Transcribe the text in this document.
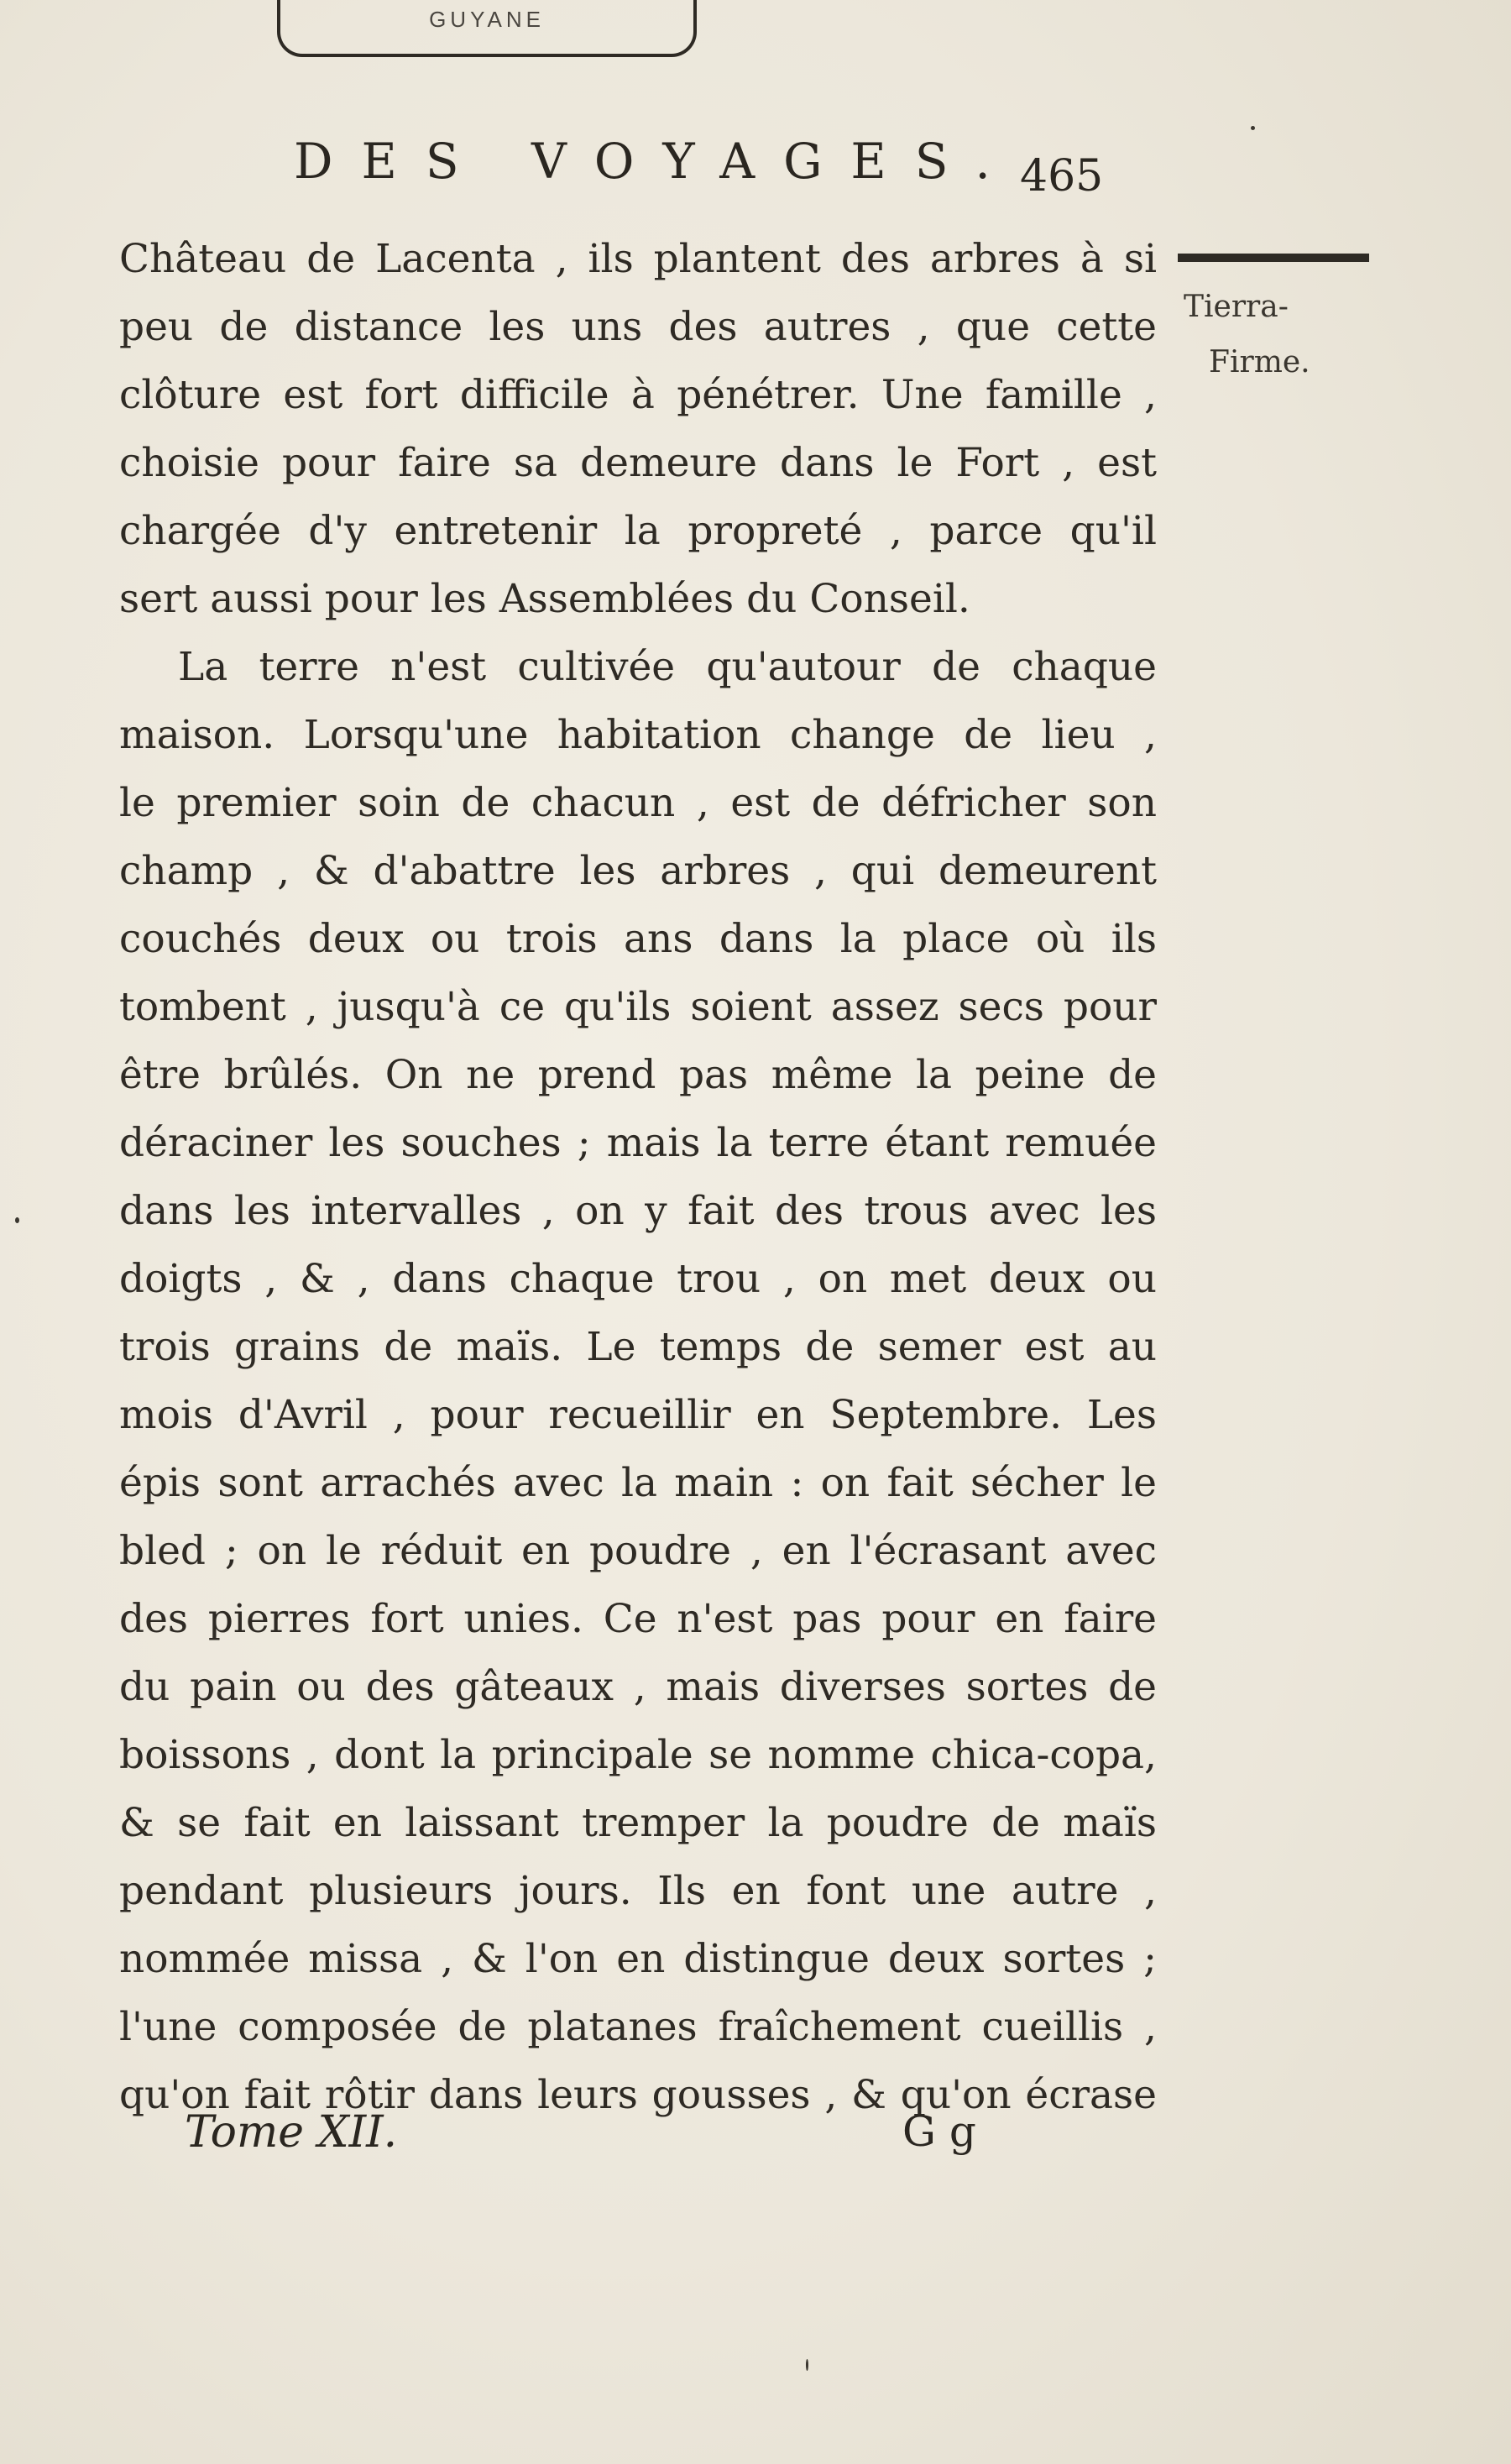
GUYANE
DES VOYAGES. 465
Tierra-
Firme.
Château de Lacenta , ils plantent des arbres à si
peu de distance les uns des autres , que cette
clôture est fort difficile à pénétrer. Une famille ,
choisie pour faire sa demeure dans le Fort , est
chargée d'y entretenir la propreté , parce qu'il
sert aussi pour les Assemblées du Conseil.
La terre n'est cultivée qu'autour de chaque
maison. Lorsqu'une habitation change de lieu ,
le premier soin de chacun , est de défricher son
champ , & d'abattre les arbres , qui demeurent
couchés deux ou trois ans dans la place où ils
tombent , jusqu'à ce qu'ils soient assez secs pour
être brûlés. On ne prend pas même la peine de
déraciner les souches ; mais la terre étant remuée
dans les intervalles , on y fait des trous avec les
doigts , & , dans chaque trou , on met deux ou
trois grains de maïs. Le temps de semer est au
mois d'Avril , pour recueillir en Septembre. Les
épis sont arrachés avec la main : on fait sécher le
bled ; on le réduit en poudre , en l'écrasant avec
des pierres fort unies. Ce n'est pas pour en faire
du pain ou des gâteaux , mais diverses sortes de
boissons , dont la principale se nomme chica-copa,
& se fait en laissant tremper la poudre de maïs
pendant plusieurs jours. Ils en font une autre ,
nommée missa , & l'on en distingue deux sortes ;
l'une composée de platanes fraîchement cueillis ,
qu'on fait rôtir dans leurs gousses , & qu'on écrase
Tome XII.	G g
